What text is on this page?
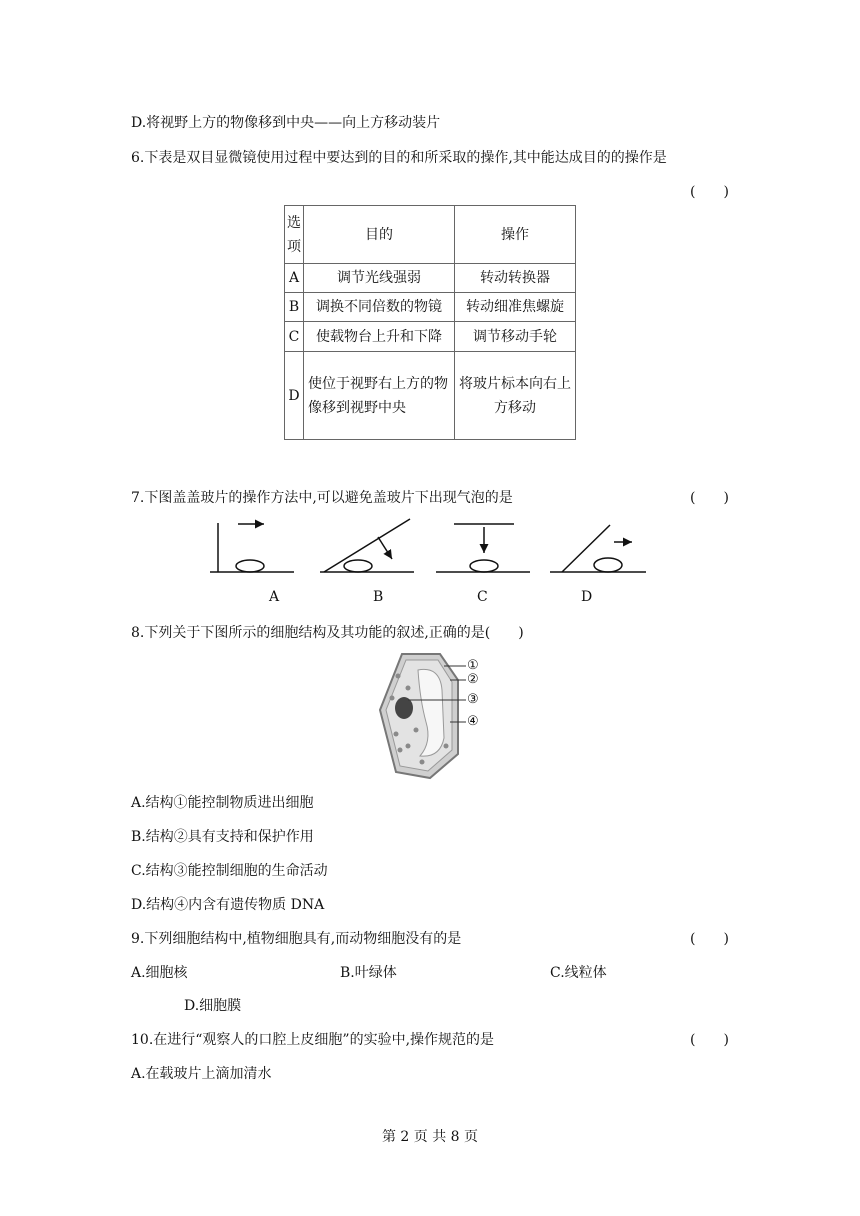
D.将视野上方的物像移到中央——向上方移动装片
6.下表是双目显微镜使用过程中要达到的目的和所采取的操作,其中能达成目的的操作是
(　　)
选项	目的	操作
A	调节光线强弱	转动转换器
B	调换不同倍数的物镜	转动细准焦螺旋
C	使载物台上升和下降	调节移动手轮
D	使位于视野右上方的物像移到视野中央	将玻片标本向右上方移动
7.下图盖盖玻片的操作方法中,可以避免盖玻片下出现气泡的是	(　　)
A	B	C	D
8.下列关于下图所示的细胞结构及其功能的叙述,正确的是(　　)
①
②
③
④
A.结构①能控制物质进出细胞
B.结构②具有支持和保护作用
C.结构③能控制细胞的生命活动
D.结构④内含有遗传物质 DNA
9.下列细胞结构中,植物细胞具有,而动物细胞没有的是	(　　)
A.细胞核	B.叶绿体	C.线粒体
D.细胞膜
10.在进行“观察人的口腔上皮细胞”的实验中,操作规范的是	(　　)
A.在载玻片上滴加清水
第 2 页 共 8 页
